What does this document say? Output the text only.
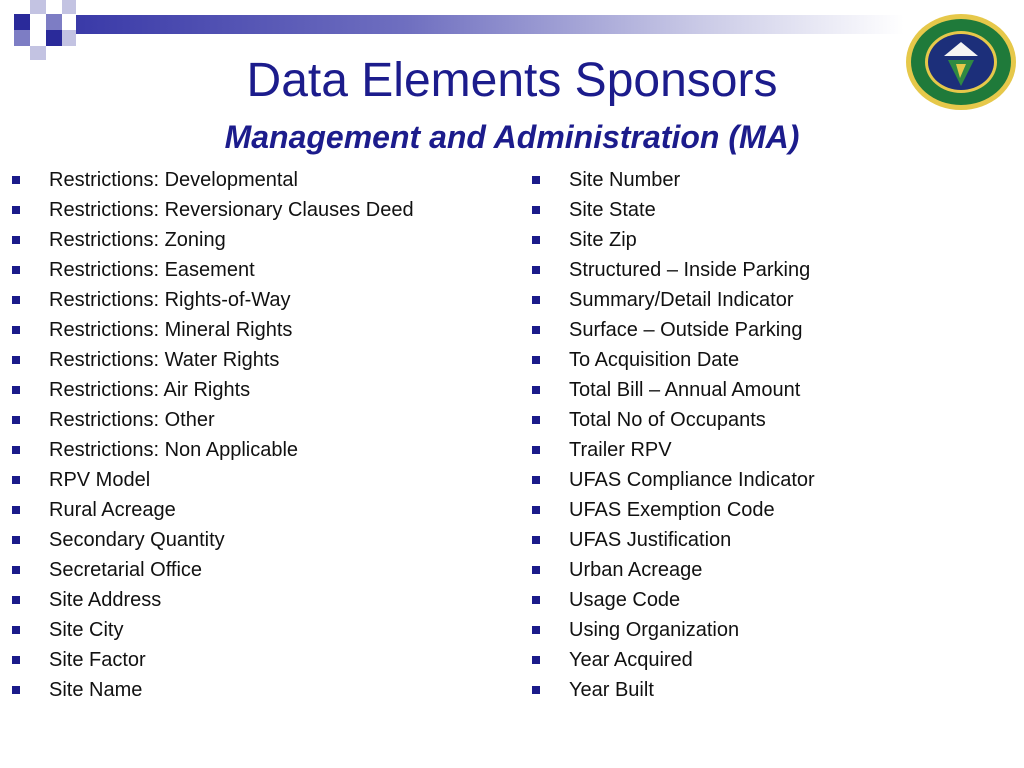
Data Elements Sponsors
Management and Administration (MA)
Restrictions: Developmental
Restrictions: Reversionary Clauses Deed
Restrictions: Zoning
Restrictions: Easement
Restrictions: Rights-of-Way
Restrictions: Mineral Rights
Restrictions: Water Rights
Restrictions: Air Rights
Restrictions: Other
Restrictions: Non Applicable
RPV Model
Rural Acreage
Secondary Quantity
Secretarial Office
Site Address
Site City
Site Factor
Site Name
Site Number
Site State
Site Zip
Structured – Inside Parking
Summary/Detail Indicator
Surface – Outside Parking
To Acquisition Date
Total Bill – Annual Amount
Total No of Occupants
Trailer RPV
UFAS Compliance Indicator
UFAS Exemption Code
UFAS Justification
Urban Acreage
Usage Code
Using Organization
Year Acquired
Year Built
